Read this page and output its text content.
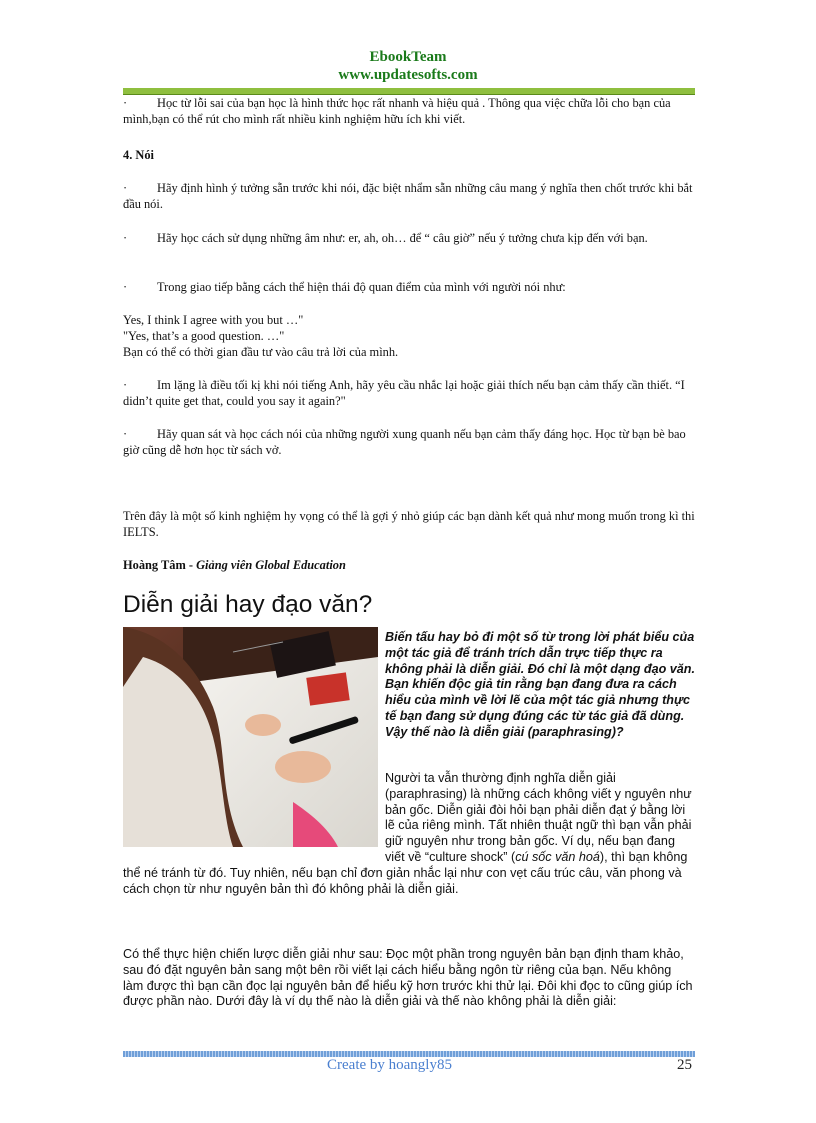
EbookTeam
www.updatesofts.com
· Học từ lỗi sai của bạn học là hình thức học rất nhanh và hiệu quả . Thông qua việc chữa lỗi cho bạn của mình,bạn có thể rút cho mình rất nhiều kinh nghiệm hữu ích khi viết.
4. Nói
· Hãy định hình ý tưởng sẵn trước khi nói, đặc biệt nhẩm sẵn những câu mang ý nghĩa then chốt trước khi bắt đầu nói.
· Hãy học cách sử dụng những âm như: er, ah, oh… để “ câu giờ” nếu ý tưởng chưa kịp đến với bạn.
· Trong giao tiếp bằng cách thể hiện thái độ quan điểm của mình với người nói như:
Yes, I think I agree with you but …"
"Yes, that’s a good question. …"
Bạn có thể có thời gian đầu tư vào câu trả lời của mình.
· Im lặng là điều tối kị khi nói tiếng Anh, hãy yêu cầu nhắc lại hoặc giải thích nếu bạn cảm thấy cần thiết. “I didn’t quite get that, could you say it again?"
· Hãy quan sát và học cách nói của những người xung quanh nếu bạn cảm thấy đáng học. Học từ bạn bè bao giờ cũng dễ hơn học từ sách vở.
Trên đây là một số kinh nghiệm hy vọng có thể là gợi ý nhỏ giúp các bạn dành kết quả như mong muốn trong kì thi IELTS.
Hoàng Tâm - Giảng viên Global Education
Diễn giải hay đạo văn?
Biến tấu hay bỏ đi một số từ trong lời phát biểu của một tác giả để tránh trích dẫn trực tiếp thực ra không phải là diễn giải. Đó chỉ là một dạng đạo văn. Bạn khiến độc giả tin rằng bạn đang đưa ra cách hiểu của mình về lời lẽ của một tác giả nhưng thực tế bạn đang sử dụng đúng các từ tác giả đã dùng. Vậy thế nào là diễn giải (paraphrasing)?
Người ta vẫn thường định nghĩa diễn giải (paraphrasing) là những cách không viết y nguyên như bản gốc. Diễn giải đòi hỏi bạn phải diễn đạt ý bằng lời lẽ của riêng mình. Tất nhiên thuật ngữ thì bạn vẫn phải giữ nguyên như trong bản gốc. Ví dụ, nếu bạn đang viết về “culture shock” (cú sốc văn hoá), thì bạn không thể né tránh từ đó. Tuy nhiên, nếu bạn chỉ đơn giản nhắc lại như con vẹt cấu trúc câu, văn phong và cách chọn từ như nguyên bản thì đó không phải là diễn giải.
Có thể thực hiện chiến lược diễn giải như sau: Đọc một phần trong nguyên bản bạn định tham khảo, sau đó đặt nguyên bản sang một bên rồi viết lại cách hiểu bằng ngôn từ riêng của bạn. Nếu không làm được thì bạn cần đọc lại nguyên bản để hiểu kỹ hơn trước khi thử lại. Đôi khi đọc to cũng giúp ích được phần nào. Dưới đây là ví dụ thế nào là diễn giải và thế nào không phải là diễn giải:
Create by hoangly85	25
